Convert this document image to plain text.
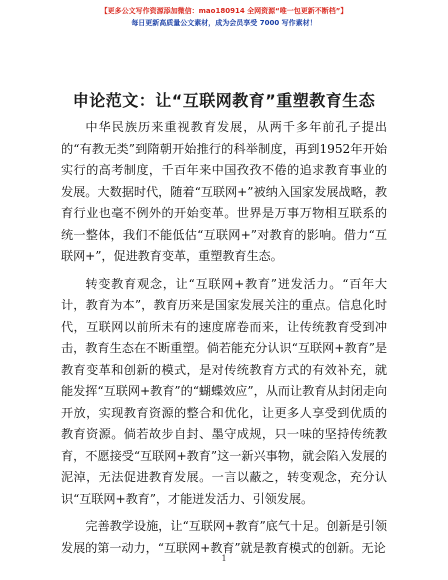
【更多公文写作资源添加微信：mao180914 全网资源“唯一包更新不断档”】
每日更新高质量公文素材，成为会员享受 7000 写作素材！
申论范文：让“互联网教育”重塑教育生态

中华民族历来重视教育发展，从两千多年前孔子提出的“有教无类”到隋朝开始推行的科举制度，再到1952年开始实行的高考制度，千百年来中国孜孜不倦的追求教育事业的发展。大数据时代，随着“互联网+”被纳入国家发展战略，教育行业也毫不例外的开始变革。世界是万事万物相互联系的统一整体，我们不能低估“互联网+”对教育的影响。借力“互联网+”，促进教育变革，重塑教育生态。

转变教育观念，让“互联网+教育”迸发活力。“百年大计，教育为本”，教育历来是国家发展关注的重点。信息化时代，互联网以前所未有的速度席卷而来，让传统教育受到冲击，教育生态在不断重塑。倘若能充分认识“互联网+教育”是教育变革和创新的模式，是对传统教育方式的有效补充，就能发挥“互联网+教育”的“蝴蝶效应”，从而让教育从封闭走向开放，实现教育资源的整合和优化，让更多人享受到优质的教育资源。倘若故步自封、墨守成规，只一味的坚持传统教育，不愿接受“互联网+教育”这一新兴事物，就会陷入发展的泥淖，无法促进教育发展。一言以蔽之，转变观念，充分认识“互联网+教育”，才能迸发活力、引领发展。

完善教学设施，让“互联网+教育”底气十足。创新是引领发展的第一动力，“互联网+教育”就是教育模式的创新。无论

1
